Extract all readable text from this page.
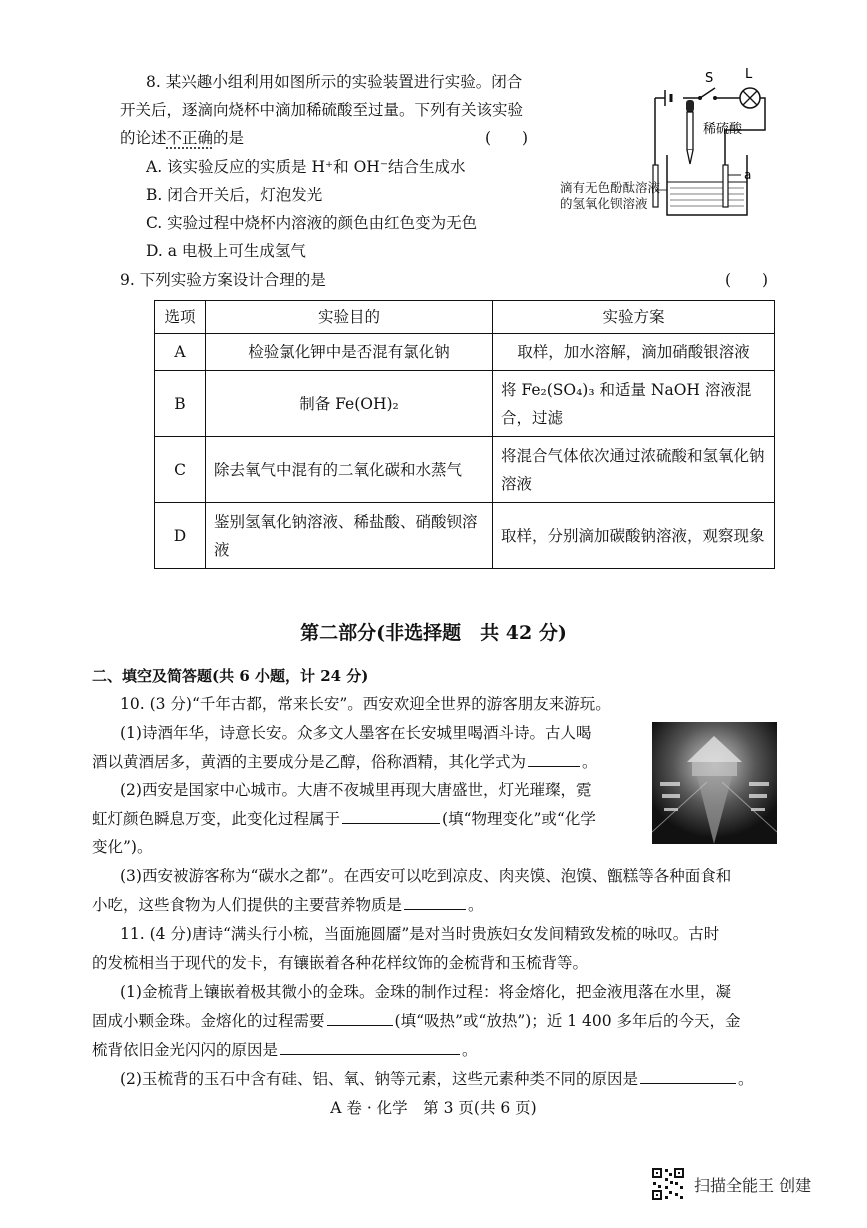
8. 某兴趣小组利用如图所示的实验装置进行实验。闭合
开关后，逐滴向烧杯中滴加稀硫酸至过量。下列有关该实验
的论述不正确的是	(　　)
A. 该实验反应的实质是 H⁺和 OH⁻结合生成水
B. 闭合开关后，灯泡发光
C. 实验过程中烧杯内溶液的颜色由红色变为无色
D. a 电极上可生成氢气
S L
稀硫酸
a
滴有无色酚酞溶液
的氢氧化钡溶液
9. 下列实验方案设计合理的是	(　　)
选项	实验目的	实验方案
A	检验氯化钾中是否混有氯化钠	取样，加水溶解，滴加硝酸银溶液
B	制备 Fe(OH)₂	将 Fe₂(SO₄)₃ 和适量 NaOH 溶液混合，过滤
C	除去氧气中混有的二氧化碳和水蒸气	将混合气体依次通过浓硫酸和氢氧化钠溶液
D	鉴别氢氧化钠溶液、稀盐酸、硝酸钡溶液	取样，分别滴加碳酸钠溶液，观察现象
第二部分(非选择题　共 42 分)
二、填空及简答题(共 6 小题，计 24 分)
10. (3 分)“千年古都，常来长安”。西安欢迎全世界的游客朋友来游玩。
(1)诗酒年华，诗意长安。众多文人墨客在长安城里喝酒斗诗。古人喝
酒以黄酒居多，黄酒的主要成分是乙醇，俗称酒精，其化学式为	。
(2)西安是国家中心城市。大唐不夜城里再现大唐盛世，灯光璀璨，霓
虹灯颜色瞬息万变，此变化过程属于	(填“物理变化”或“化学
变化”)。
(3)西安被游客称为“碳水之都”。在西安可以吃到凉皮、肉夹馍、泡馍、甑糕等各种面食和
小吃，这些食物为人们提供的主要营养物质是	。
11. (4 分)唐诗“满头行小梳，当面施圆靥”是对当时贵族妇女发间精致发梳的咏叹。古时
的发梳相当于现代的发卡，有镶嵌着各种花样纹饰的金梳背和玉梳背等。
(1)金梳背上镶嵌着极其微小的金珠。金珠的制作过程：将金熔化，把金液甩落在水里，凝
固成小颗金珠。金熔化的过程需要	(填“吸热”或“放热”)；近 1 400 多年后的今天，金
梳背依旧金光闪闪的原因是	。
(2)玉梳背的玉石中含有硅、铝、氧、钠等元素，这些元素种类不同的原因是	。
A 卷 · 化学　第 3 页(共 6 页)
扫描全能王 创建
